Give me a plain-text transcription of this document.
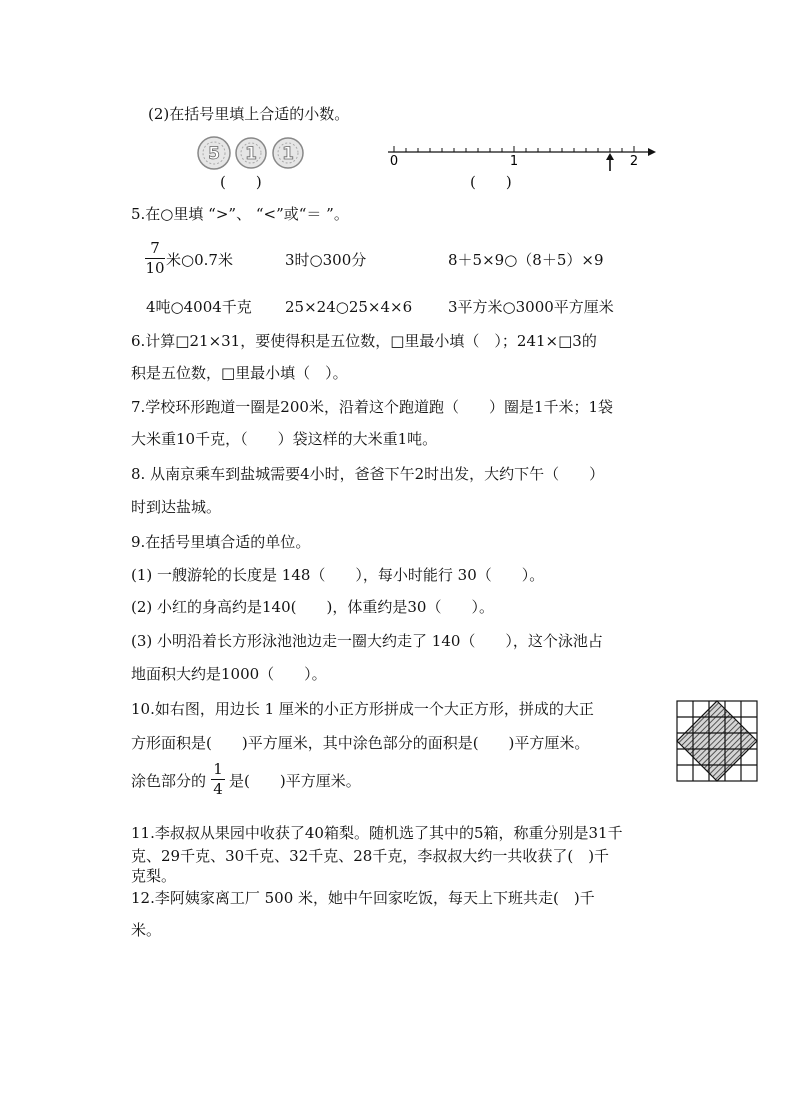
(2)在括号里填上合适的小数。
5 1 1
(　　)
0	1	2
(　　)
5.在○里填 “>”、 “<”或“＝ ”。
7
10 米○0.7米	3时○300分	8＋5×9○（8＋5）×9
4吨○4004千克 25×24○25×4×6 3平方米○3000平方厘米
6.计算□21×31，要使得积是五位数，□里最小填（　）；241×□3的
积是五位数，□里最小填（　）。
7.学校环形跑道一圈是200米，沿着这个跑道跑（　　）圈是1千米；1袋
大米重10千克，（　　）袋这样的大米重1吨。
8. 从南京乘车到盐城需要4小时，爸爸下午2时出发，大约下午（　　）
时到达盐城。
9.在括号里填合适的单位。
(1) 一艘游轮的长度是 148（　　），每小时能行 30（　　）。
(2) 小红的身高约是140(　　)，体重约是30（　　）。
(3) 小明沿着长方形泳池池边走一圈大约走了 140（　　），这个泳池占
地面积大约是1000（　　）。
10.如右图，用边长 1 厘米的小正方形拼成一个大正方形，拼成的大正
方形面积是(　　)平方厘米，其中涂色部分的面积是(　　)平方厘米。
涂色部分的
1
4 是(　　)平方厘米。
11.李叔叔从果园中收获了40箱梨。随机选了其中的5箱，称重分别是31千
克、29千克、30千克、32千克、28千克，李叔叔大约一共收获了(　)千
克梨。
12.李阿姨家离工厂 500 米，她中午回家吃饭，每天上下班共走(　)千
米。
